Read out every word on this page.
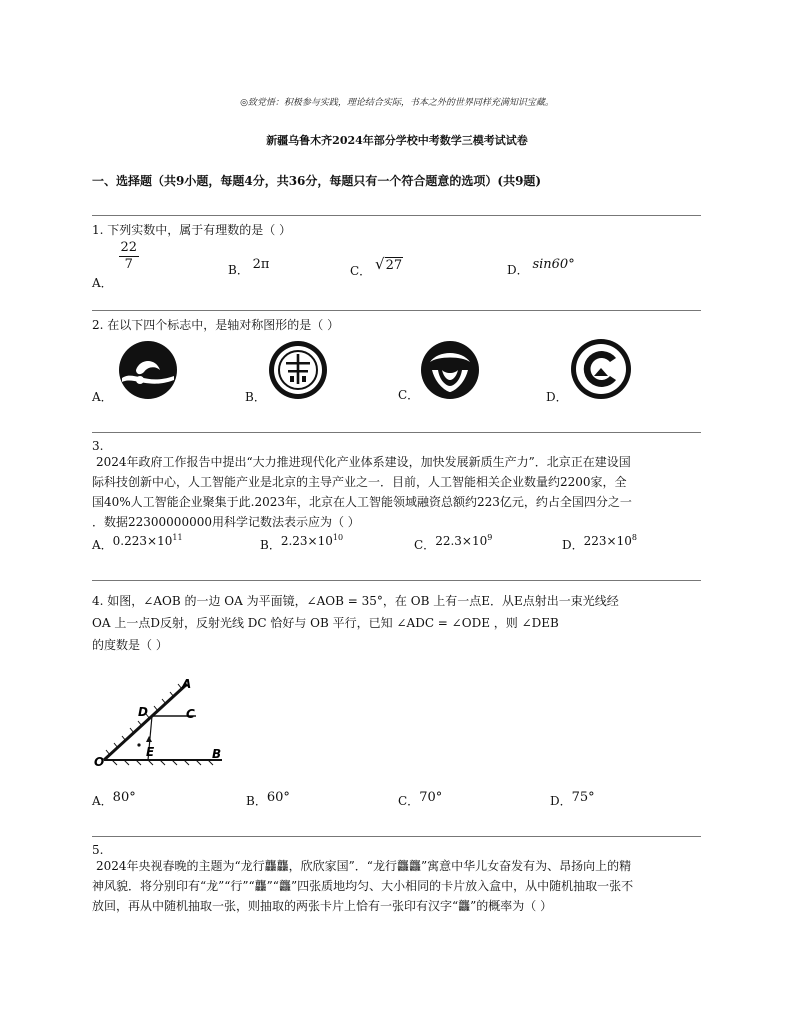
◎致党悟：积极参与实践，理论结合实际，书本之外的世界同样充满知识宝藏。
新疆乌鲁木齐2024年部分学校中考数学三模考试试卷
一、选择题（共9小题，每题4分，共36分，每题只有一个符合题意的选项）(共9题)
1. 下列实数中，属于有理数的是（ ）
A．
$\frac{22}{7}$	B． 2π	C． √27	D． sin60°
2. 在以下四个标志中，是轴对称图形的是（ ）
A．	B．	C．	D．
3.
2024年政府工作报告中提出“大力推进现代化产业体系建设，加快发展新质生产力”．北京正在建设国
际科技创新中心，人工智能产业是北京的主导产业之一．目前，人工智能相关企业数量约2200家，全
国40%人工智能企业聚集于此.2023年，北京在人工智能领域融资总额约223亿元，约占全国四分之一
．数据22300000000用科学记数法表示应为（ ）
A．$0.223\times 10^{11}$
B．$2.23\times 10^{10}$
C．$22.3\times 10^9$
D．$223\times 10^8$
4. 如图，∠AOB 的一边 OA 为平面镜，∠AOB = 35°，在 OB 上有一点E．从E点射出一束光线经
OA 上一点D反射，反射光线 DC 恰好与 OB 平行，已知 ∠ADC = ∠ODE ，则 ∠DEB
的度数是（ ）
A
D	C
O
E	B
A．80°	B．60°	C．70°	D．75°
5.
2024年央视春晚的主题为“龙行龘龘，欣欣家国”．“龙行龘龘”寓意中华儿女奋发有为、昂扬向上的精
神风貌．将分别印有“龙”“行”“龘”“龘”四张质地均匀、大小相同的卡片放入盒中，从中随机抽取一张不
放回，再从中随机抽取一张，则抽取的两张卡片上恰有一张印有汉字“龘”的概率为（ ）
